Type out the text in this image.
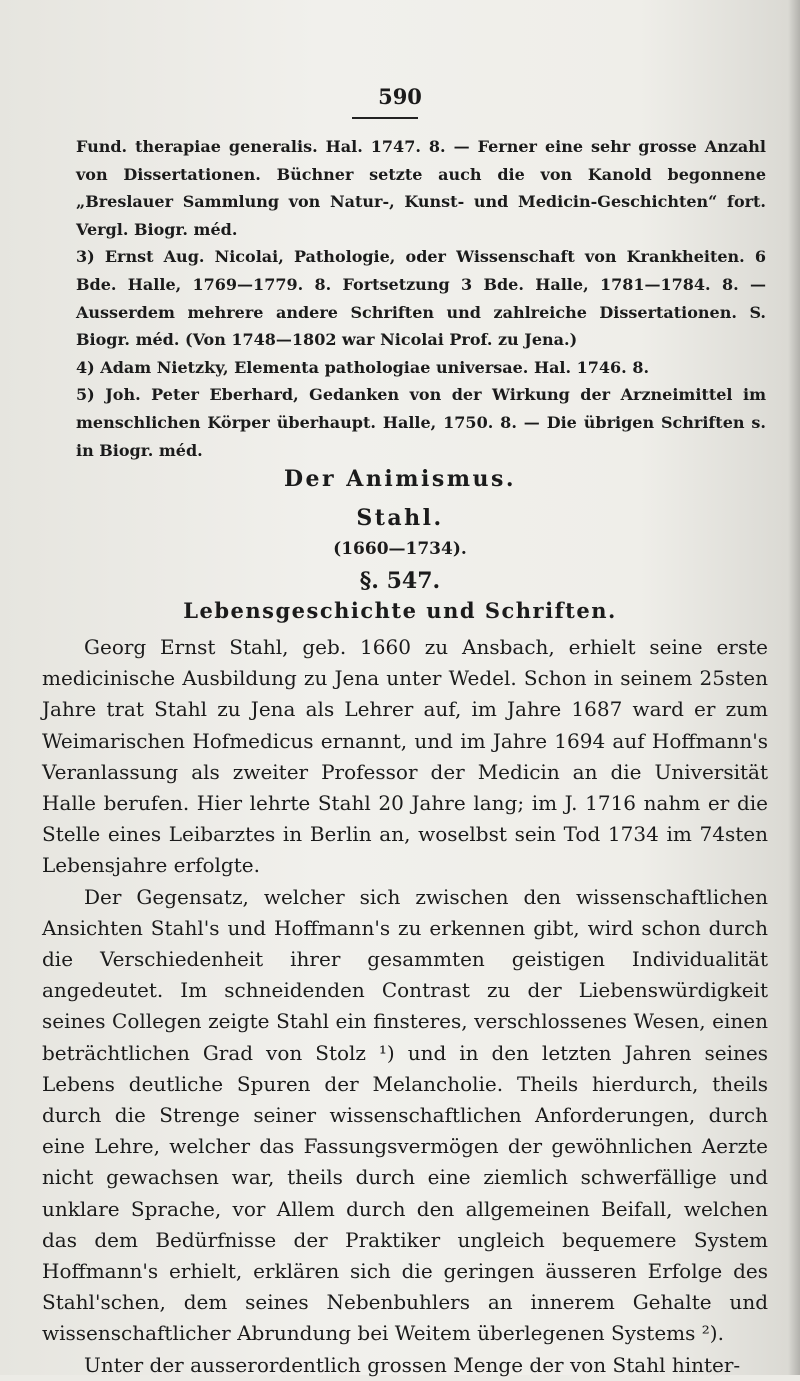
590

Fund. therapiae generalis. Hal. 1747. 8. — Ferner eine sehr grosse Anzahl von Dissertationen. Büchner setzte auch die von Kanold begonnene „Breslauer Sammlung von Natur-, Kunst- und Medicin-Geschichten“ fort. Vergl. Biogr. méd.

3) Ernst Aug. Nicolai, Pathologie, oder Wissenschaft von Krankheiten. 6 Bde. Halle, 1769—1779. 8. Fortsetzung 3 Bde. Halle, 1781—1784. 8. — Ausserdem mehrere andere Schriften und zahlreiche Dissertationen. S. Biogr. méd. (Von 1748—1802 war Nicolai Prof. zu Jena.)

4) Adam Nietzky, Elementa pathologiae universae. Hal. 1746. 8.

5) Joh. Peter Eberhard, Gedanken von der Wirkung der Arzneimittel im menschlichen Körper überhaupt. Halle, 1750. 8. — Die übrigen Schriften s. in Biogr. méd.

Der Animismus.
Stahl.
(1660—1734).
§. 547.
Lebensgeschichte und Schriften.

Georg Ernst Stahl, geb. 1660 zu Ansbach, erhielt seine erste medicinische Ausbildung zu Jena unter Wedel. Schon in seinem 25sten Jahre trat Stahl zu Jena als Lehrer auf, im Jahre 1687 ward er zum Weimarischen Hofmedicus ernannt, und im Jahre 1694 auf Hoffmann's Veranlassung als zweiter Professor der Medicin an die Universität Halle berufen. Hier lehrte Stahl 20 Jahre lang; im J. 1716 nahm er die Stelle eines Leibarztes in Berlin an, woselbst sein Tod 1734 im 74sten Lebensjahre erfolgte.

Der Gegensatz, welcher sich zwischen den wissenschaftlichen Ansichten Stahl's und Hoffmann's zu erkennen gibt, wird schon durch die Verschiedenheit ihrer gesammten geistigen Individualität angedeutet. Im schneidenden Contrast zu der Liebenswürdigkeit seines Collegen zeigte Stahl ein finsteres, verschlossenes Wesen, einen beträchtlichen Grad von Stolz ¹) und in den letzten Jahren seines Lebens deutliche Spuren der Melancholie. Theils hierdurch, theils durch die Strenge seiner wissenschaftlichen Anforderungen, durch eine Lehre, welcher das Fassungsvermögen der gewöhnlichen Aerzte nicht gewachsen war, theils durch eine ziemlich schwerfällige und unklare Sprache, vor Allem durch den allgemeinen Beifall, welchen das dem Bedürfnisse der Praktiker ungleich bequemere System Hoffmann's erhielt, erklären sich die geringen äusseren Erfolge des Stahl'schen, dem seines Nebenbuhlers an innerem Gehalte und wissenschaftlicher Abrundung bei Weitem überlegenen Systems ²).

Unter der ausserordentlich grossen Menge der von Stahl hinter-
